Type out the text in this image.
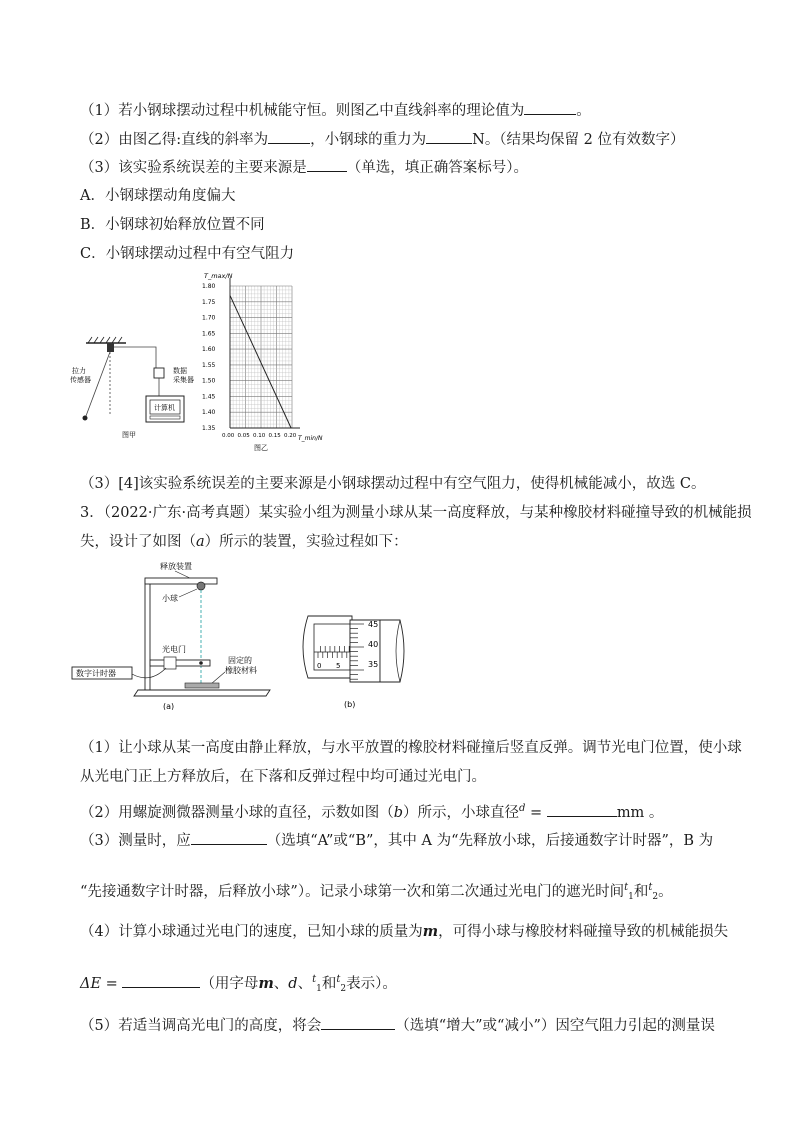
（1）若小钢球摆动过程中机械能守恒。则图乙中直线斜率的理论值为	。
（2）由图乙得:直线的斜率为	，小钢球的重力为	N。（结果均保留 2 位有效数字）
（3）该实验系统误差的主要来源是	（单选，填正确答案标号）。
A．小钢球摆动角度偏大
B．小钢球初始释放位置不同
C．小钢球摆动过程中有空气阻力
拉力
传感器
数据
采集器
计算机
图甲
1.80
1.75
1.70
1.65
1.60
1.55
1.50
1.45
1.40
1.35
0.00 0.05 0.10 0.15 0.20
T_max/N
T_min/N
图乙
（3）[4]该实验系统误差的主要来源是小钢球摆动过程中有空气阻力，使得机械能减小，故选 C。
3．（2022·广东·高考真题）某实验小组为测量小球从某一高度释放，与某种橡胶材料碰撞导致的机械能损
失，设计了如图（a）所示的装置，实验过程如下：
释放装置
小球
光电门
数字计时器
固定的
橡胶材料
(a)
0 5
45
40
35
(b)
（1）让小球从某一高度由静止释放，与水平放置的橡胶材料碰撞后竖直反弹。调节光电门位置，使小球
从光电门正上方释放后，在下落和反弹过程中均可通过光电门。
（2）用螺旋测微器测量小球的直径，示数如图（b）所示，小球直径$^d$ =	mm 。
（3）测量时，应	（选填“A”或“B”，其中 A 为“先释放小球，后接通数字计时器”，B 为
“先接通数字计时器，后释放小球”）。记录小球第一次和第二次通过光电门的遮光时间$^t_1$和$^t_2$。
（4）计算小球通过光电门的速度，已知小球的质量为m，可得小球与橡胶材料碰撞导致的机械能损失
ΔE =	（用字母m、d、$^t_1$和$^t_2$表示）。
（5）若适当调高光电门的高度，将会	（选填“增大”或“减小”）因空气阻力引起的测量误
